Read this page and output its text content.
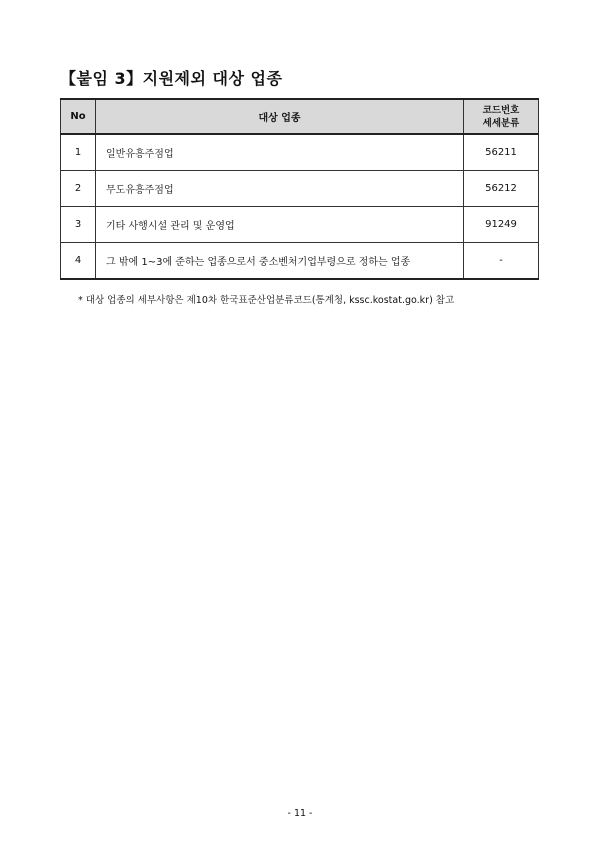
【붙임 3】지원제외 대상 업종
No	대상 업종	코드번호
세세분류

1	일반유흥주점업	56211
2	무도유흥주점업	56212
3	기타 사행시설 관리 및 운영업	91249
4	그 밖에 1~3에 준하는 업종으로서 중소벤처기업부령으로 정하는 업종	-
* 대상 업종의 세부사항은 제10차 한국표준산업분류코드(통계청, kssc.kostat.go.kr) 참고
- 11 -
